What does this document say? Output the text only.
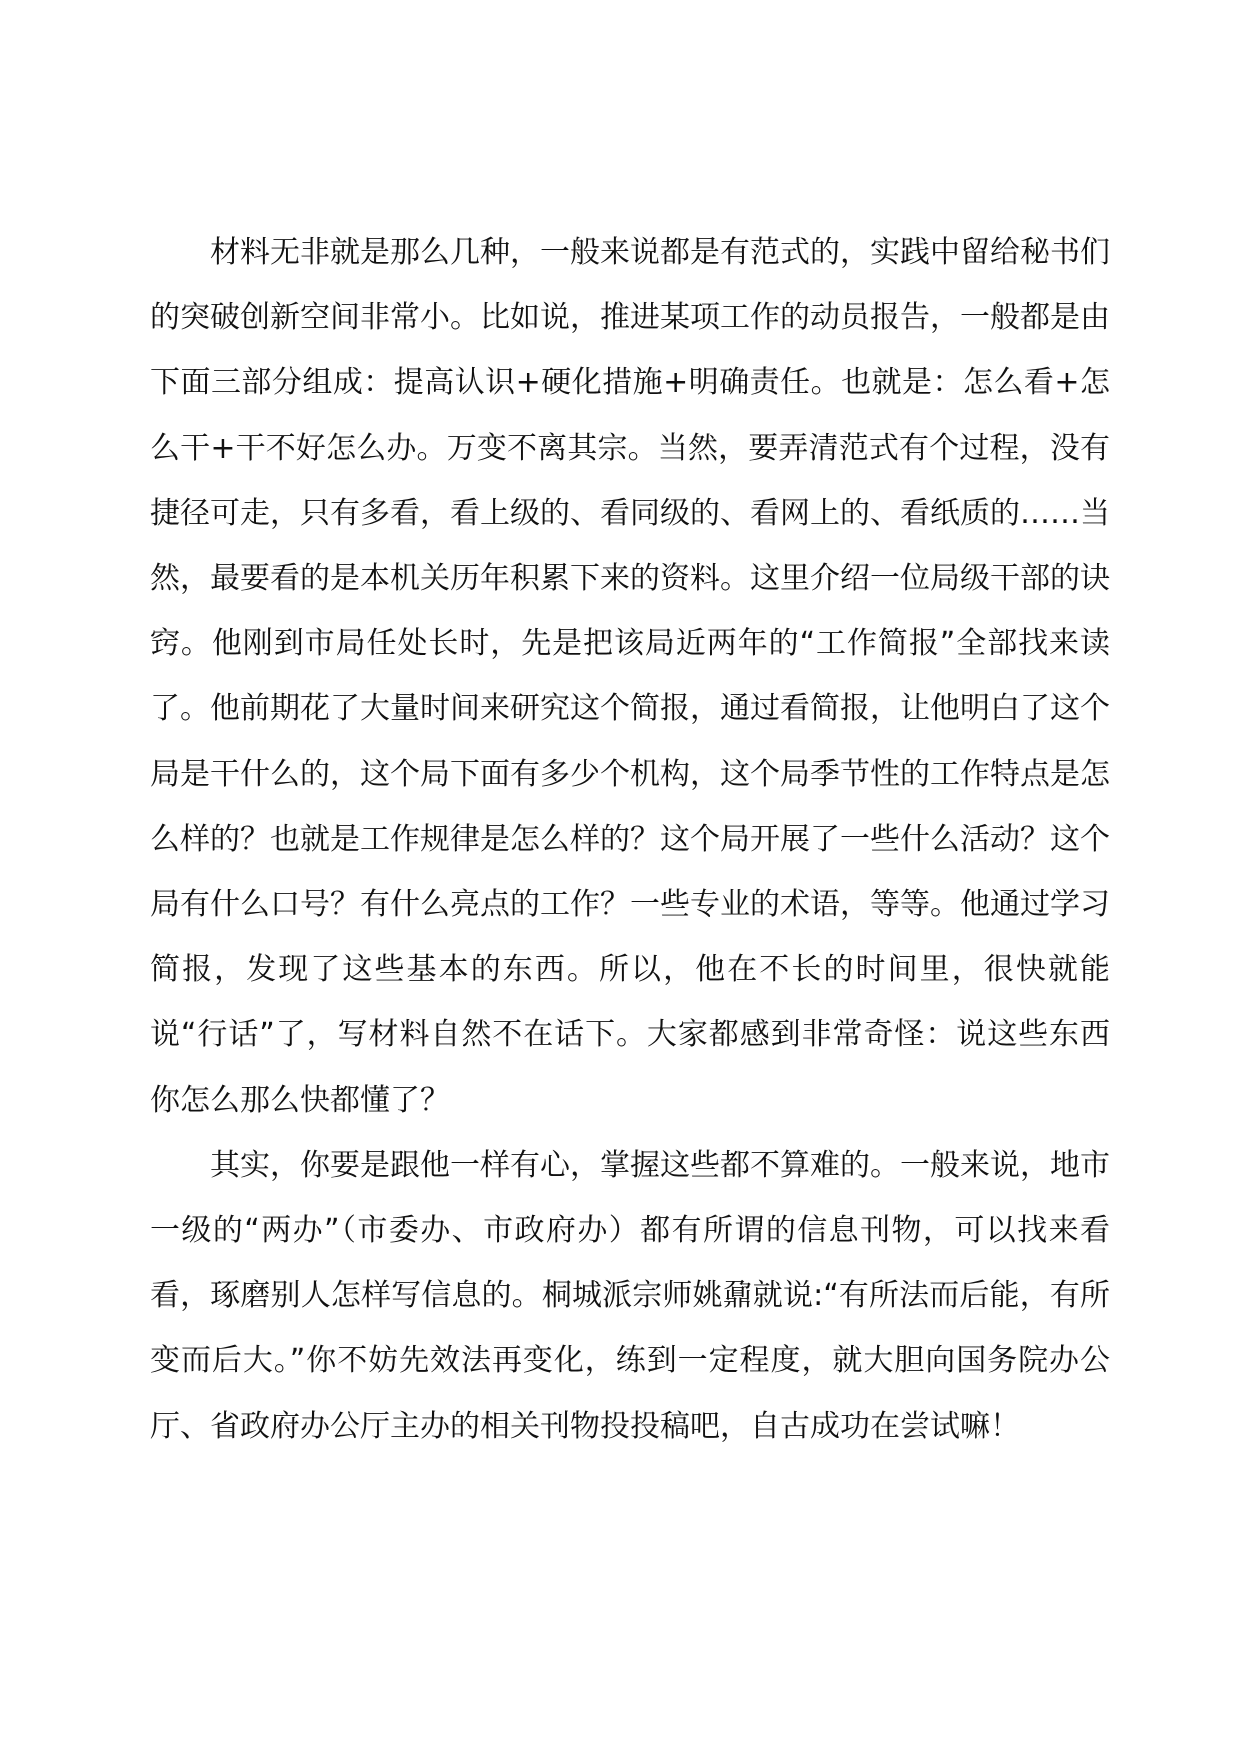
材料无非就是那么几种，一般来说都是有范式的，实践中留给秘书们的突破创新空间非常小。比如说，推进某项工作的动员报告，一般都是由下面三部分组成：提高认识+硬化措施+明确责任。也就是：怎么看+怎么干+干不好怎么办。万变不离其宗。当然，要弄清范式有个过程，没有捷径可走，只有多看，看上级的、看同级的、看网上的、看纸质的……当然，最要看的是本机关历年积累下来的资料。这里介绍一位局级干部的诀窍。他刚到市局任处长时，先是把该局近两年的“工作简报”全部找来读了。他前期花了大量时间来研究这个简报，通过看简报，让他明白了这个局是干什么的，这个局下面有多少个机构，这个局季节性的工作特点是怎么样的？也就是工作规律是怎么样的？这个局开展了一些什么活动？这个局有什么口号？有什么亮点的工作？一些专业的术语，等等。他通过学习简报，发现了这些基本的东西。所以，他在不长的时间里，很快就能说“行话”了，写材料自然不在话下。大家都感到非常奇怪：说这些东西你怎么那么快都懂了？

其实，你要是跟他一样有心，掌握这些都不算难的。一般来说，地市一级的“两办”（市委办、市政府办）都有所谓的信息刊物，可以找来看看，琢磨别人怎样写信息的。桐城派宗师姚鼐就说:“有所法而后能，有所变而后大。”你不妨先效法再变化，练到一定程度，就大胆向国务院办公厅、省政府办公厅主办的相关刊物投投稿吧，自古成功在尝试嘛！
